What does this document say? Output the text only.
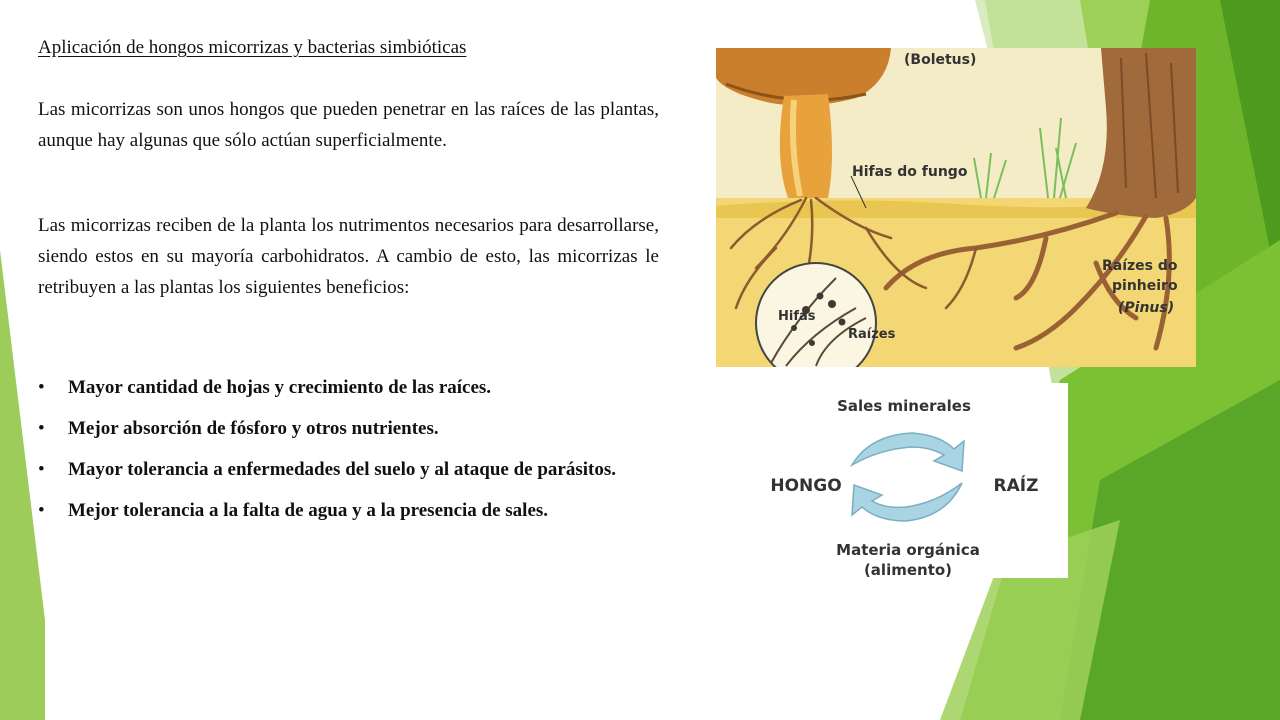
Aplicación de hongos micorrizas y bacterias simbióticas

Las micorrizas son unos hongos que pueden penetrar en las raíces de las plantas, aunque hay algunas que sólo actúan superficialmente.

Las micorrizas reciben de la planta los nutrimentos necesarios para desarrollarse, siendo estos en su mayoría carbohidratos. A cambio de esto, las micorrizas le retribuyen a las plantas los siguientes beneficios:

• Mayor cantidad de hojas y crecimiento de las raíces.
• Mejor absorción de fósforo y otros nutrientes.
• Mayor tolerancia a enfermedades del suelo y al ataque de parásitos.
• Mejor tolerancia a la falta de agua y a la presencia de sales.
(Boletus)
Hifas do fungo
Raízes do
pinheiro
(Pinus)
Hifas
Raízes
Sales minerales
HONGO	RAÍZ
Materia orgánica
(alimento)
